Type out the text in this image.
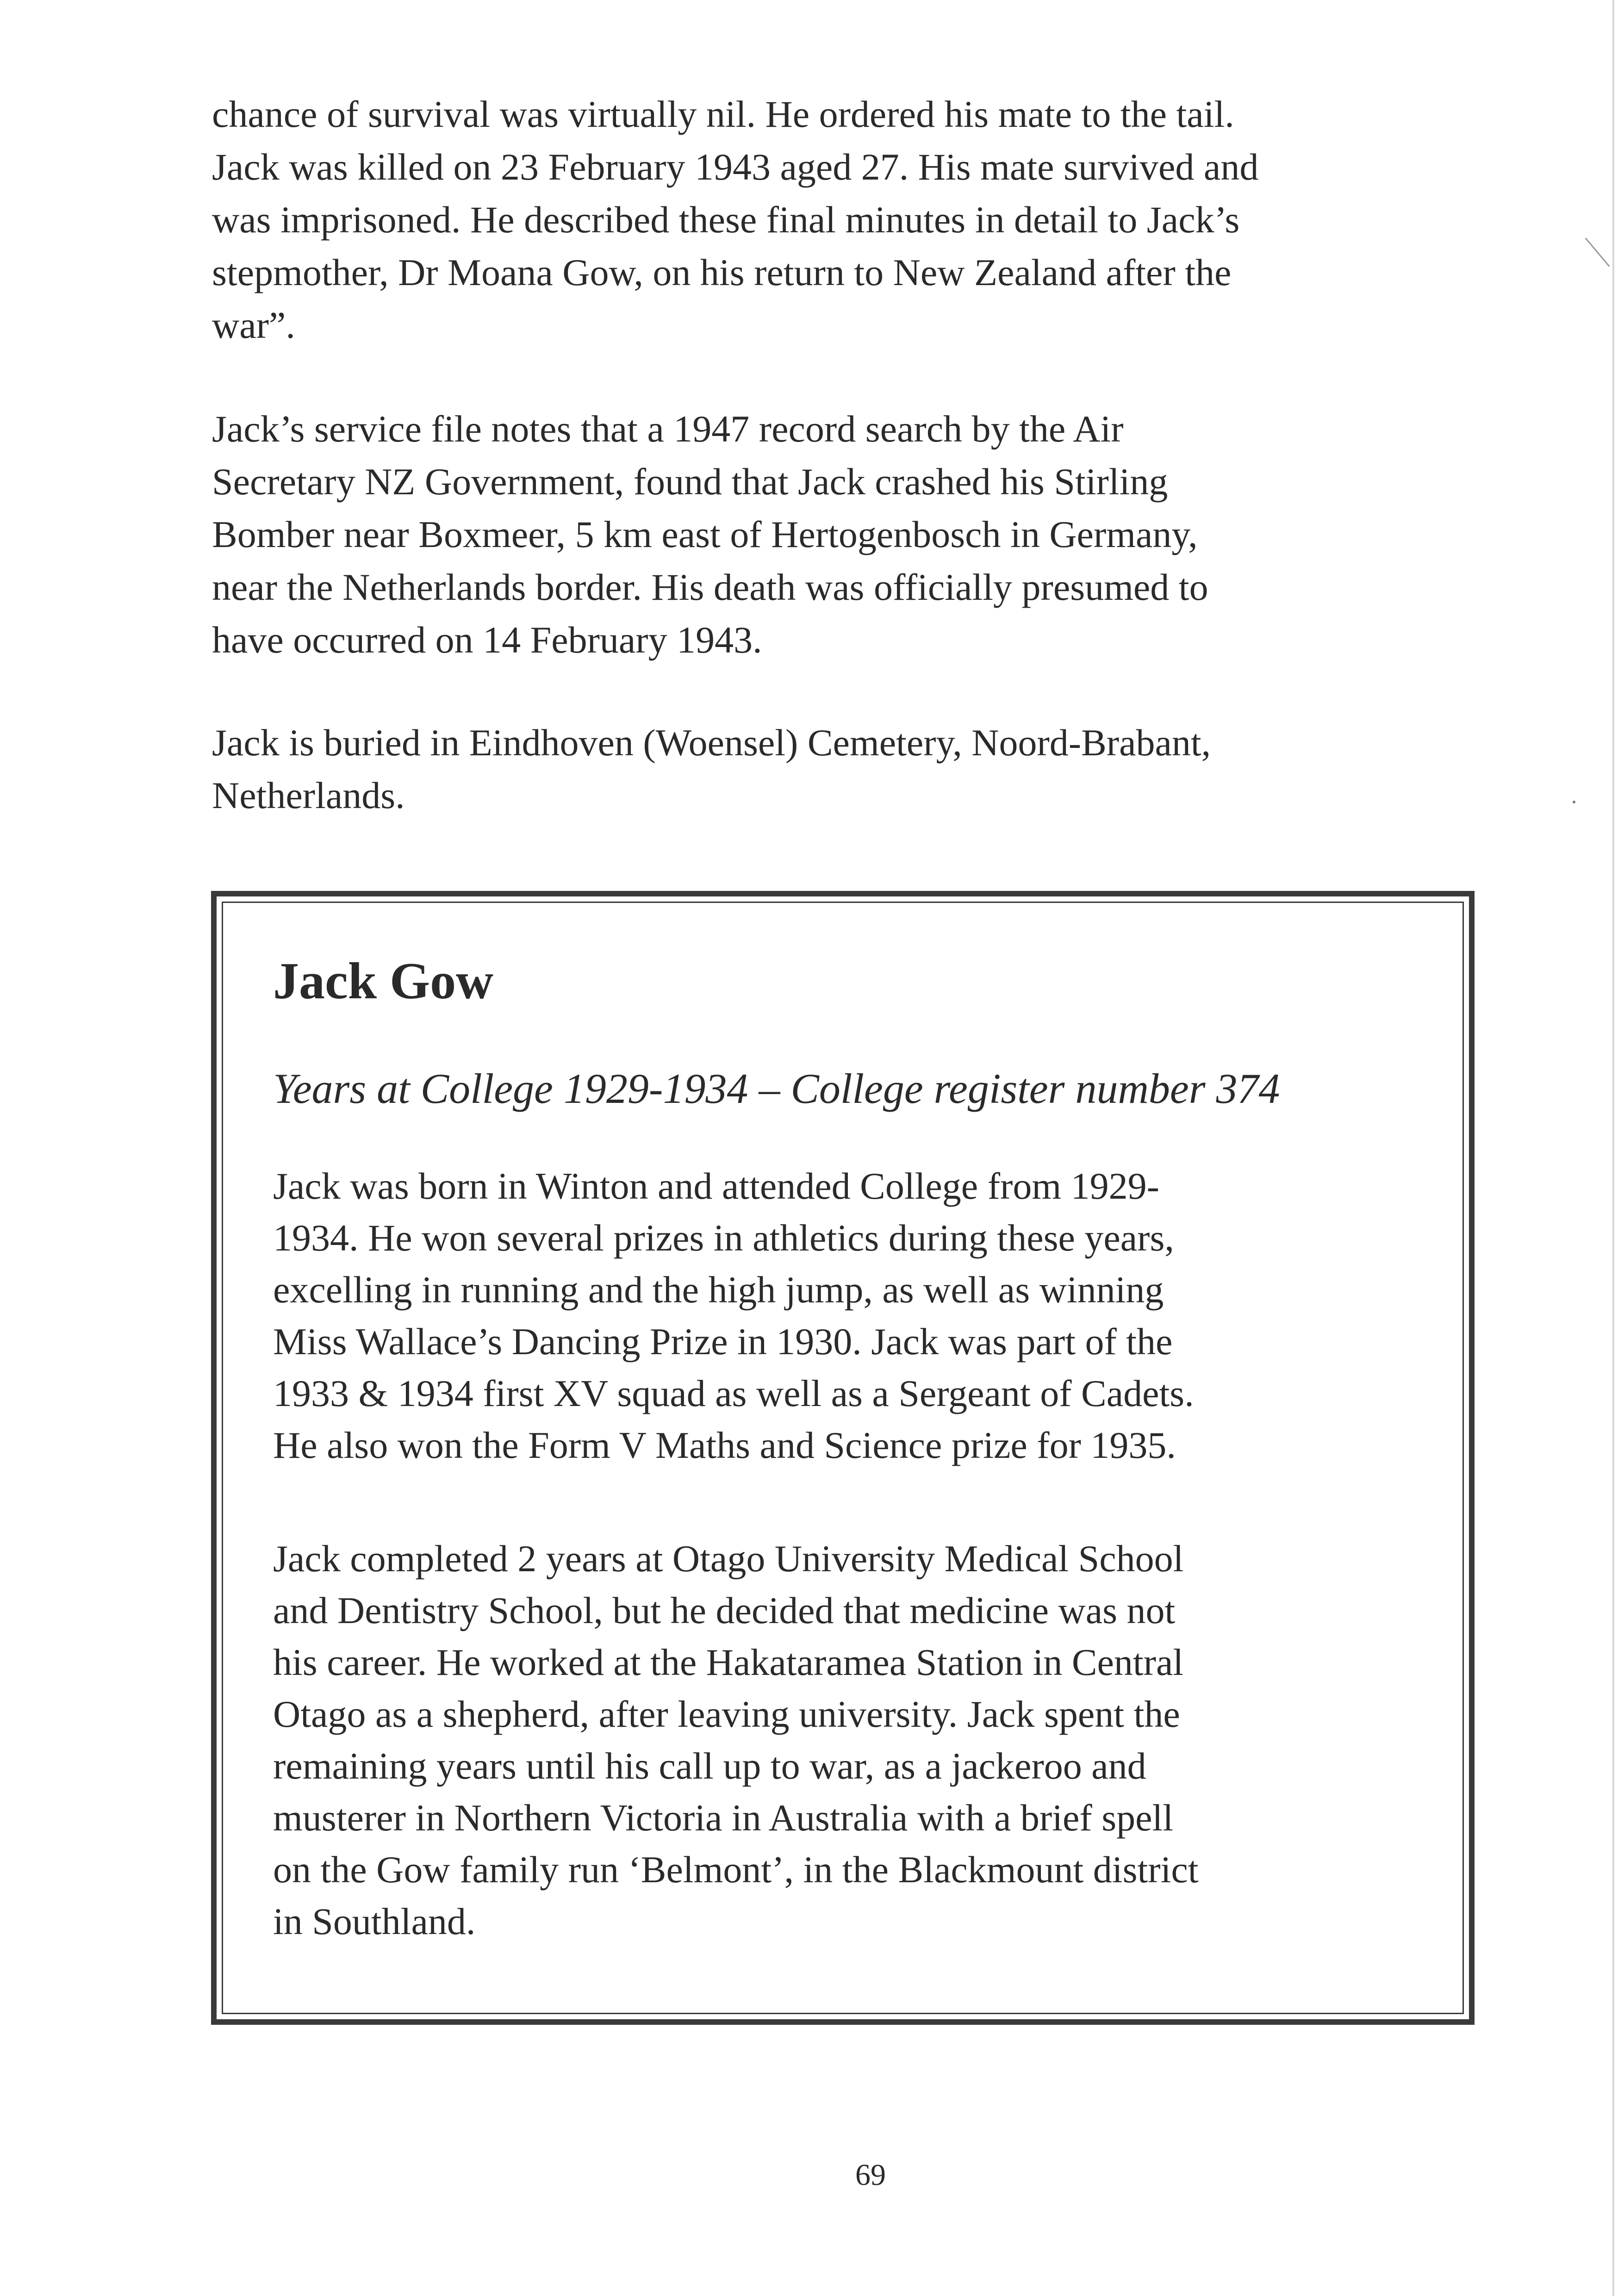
chance of survival was virtually nil. He ordered his mate to the tail.
Jack was killed on 23 February 1943 aged 27. His mate survived and
was imprisoned. He described these final minutes in detail to Jack’s
stepmother, Dr Moana Gow, on his return to New Zealand after the
war”.

Jack’s service file notes that a 1947 record search by the Air
Secretary NZ Government, found that Jack crashed his Stirling
Bomber near Boxmeer, 5 km east of Hertogenbosch in Germany,
near the Netherlands border. His death was officially presumed to
have occurred on 14 February 1943.

Jack is buried in Eindhoven (Woensel) Cemetery, Noord-Brabant,
Netherlands.

Jack Gow

Years at College 1929-1934 – College register number 374

Jack was born in Winton and attended College from 1929-
1934. He won several prizes in athletics during these years,
excelling in running and the high jump, as well as winning
Miss Wallace’s Dancing Prize in 1930. Jack was part of the
1933 & 1934 first XV squad as well as a Sergeant of Cadets.
He also won the Form V Maths and Science prize for 1935.

Jack completed 2 years at Otago University Medical School
and Dentistry School, but he decided that medicine was not
his career. He worked at the Hakataramea Station in Central
Otago as a shepherd, after leaving university. Jack spent the
remaining years until his call up to war, as a jackeroo and
musterer in Northern Victoria in Australia with a brief spell
on the Gow family run ‘Belmont’, in the Blackmount district
in Southland.

69
